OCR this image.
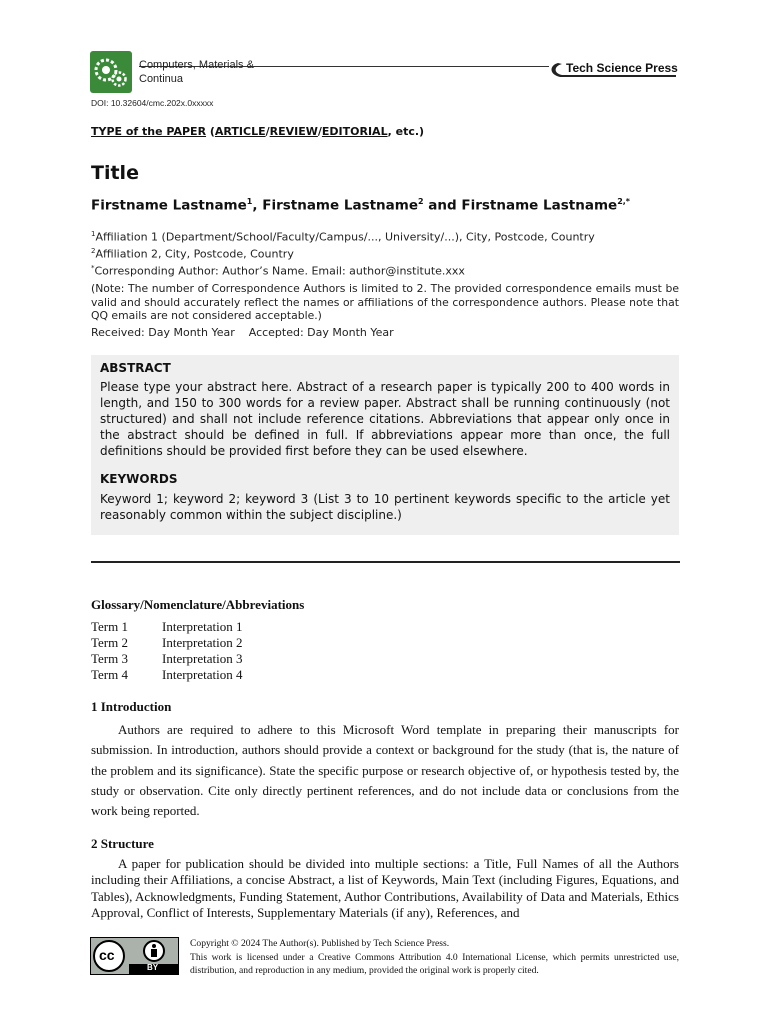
Computers, Materials &
Continua
Tech Science Press
DOI: 10.32604/cmc.202x.0xxxxx
TYPE of the PAPER (ARTICLE/REVIEW/EDITORIAL, etc.)
Title
Firstname Lastname$^1$, Firstname Lastname$^2$ and Firstname Lastname$^{2,*}$
$^1$Affiliation 1 (Department/School/Faculty/Campus/..., University/...), City, Postcode, Country
$^2$Affiliation 2, City, Postcode, Country
*Corresponding Author: Author’s Name. Email: author@institute.xxx
(Note: The number of Correspondence Authors is limited to 2. The provided correspondence emails must be valid and should accurately reflect the names or affiliations of the correspondence authors. Please note that QQ emails are not considered acceptable.)
Received: Day Month Year Accepted: Day Month Year
ABSTRACT
Please type your abstract here. Abstract of a research paper is typically 200 to 400 words in length, and 150 to 300 words for a review paper. Abstract shall be running continuously (not structured) and shall not include reference citations. Abbreviations that appear only once in the abstract should be defined in full. If abbreviations appear more than once, the full definitions should be provided first before they can be used elsewhere.
KEYWORDS
Keyword 1; keyword 2; keyword 3 (List 3 to 10 pertinent keywords specific to the article yet reasonably common within the subject discipline.)
Glossary/Nomenclature/Abbreviations
Term 1	Interpretation 1
Term 2	Interpretation 2
Term 3	Interpretation 3
Term 4	Interpretation 4
1 Introduction
Authors are required to adhere to this Microsoft Word template in preparing their manuscripts for submission. In introduction, authors should provide a context or background for the study (that is, the nature of the problem and its significance). State the specific purpose or research objective of, or hypothesis tested by, the study or observation. Cite only directly pertinent references, and do not include data or conclusions from the work being reported.
2 Structure
A paper for publication should be divided into multiple sections: a Title, Full Names of all the Authors including their Affiliations, a concise Abstract, a list of Keywords, Main Text (including Figures, Equations, and Tables), Acknowledgments, Funding Statement, Author Contributions, Availability of Data and Materials, Ethics Approval, Conflict of Interests, Supplementary Materials (if any), References, and
cc
BY
Copyright © 2024 The Author(s). Published by Tech Science Press.
This work is licensed under a Creative Commons Attribution 4.0 International License, which permits unrestricted use, distribution, and reproduction in any medium, provided the original work is properly cited.
